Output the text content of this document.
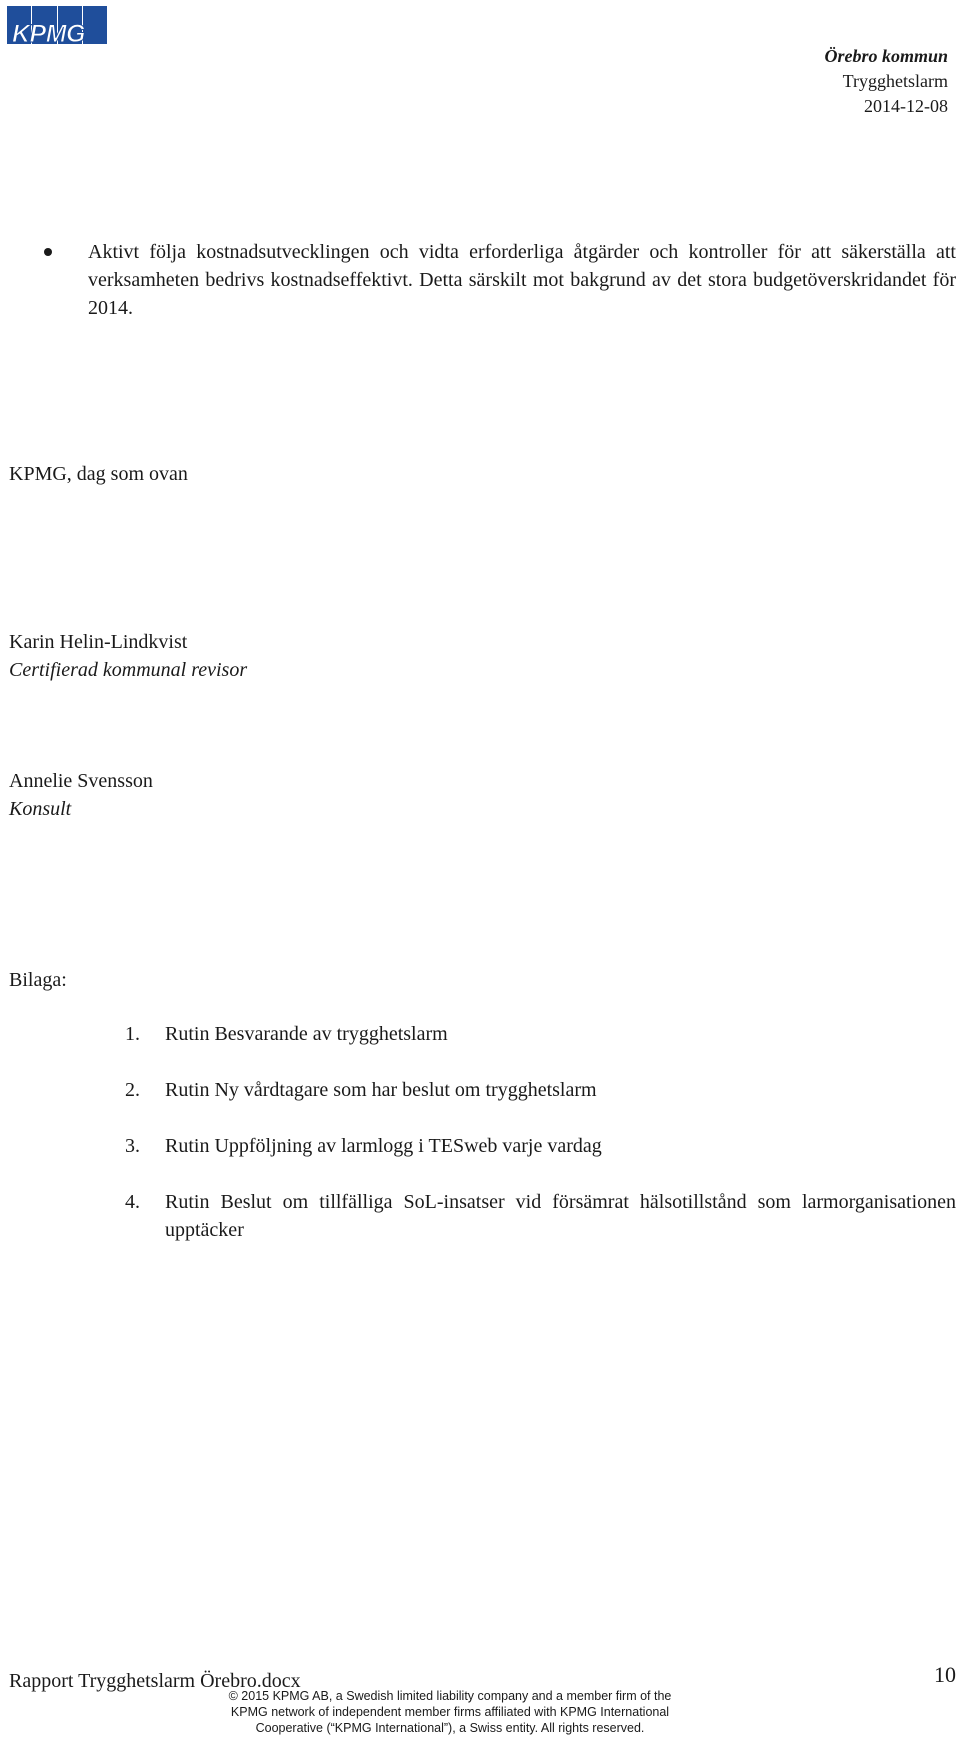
KPMG
Örebro kommun
Trygghetslarm
2014-12-08
Aktivt följa kostnadsutvecklingen och vidta erforderliga åtgärder och kontroller för att säkerställa att verksamheten bedrivs kostnadseffektivt. Detta särskilt mot bakgrund av det stora budgetöverskridandet för 2014.
KPMG, dag som ovan
Karin Helin-Lindkvist
Certifierad kommunal revisor
Annelie Svensson
Konsult
Bilaga:
1. Rutin Besvarande av trygghetslarm
2. Rutin Ny vårdtagare som har beslut om trygghetslarm
3. Rutin Uppföljning av larmlogg i TESweb varje vardag
4. Rutin Beslut om tillfälliga SoL-insatser vid försämrat hälsotillstånd som larmorganisationen upptäcker
Rapport Trygghetslarm Örebro.docx	10
© 2015 KPMG AB, a Swedish limited liability company and a member firm of the
KPMG network of independent member firms affiliated with KPMG International
Cooperative (“KPMG International”), a Swiss entity. All rights reserved.
